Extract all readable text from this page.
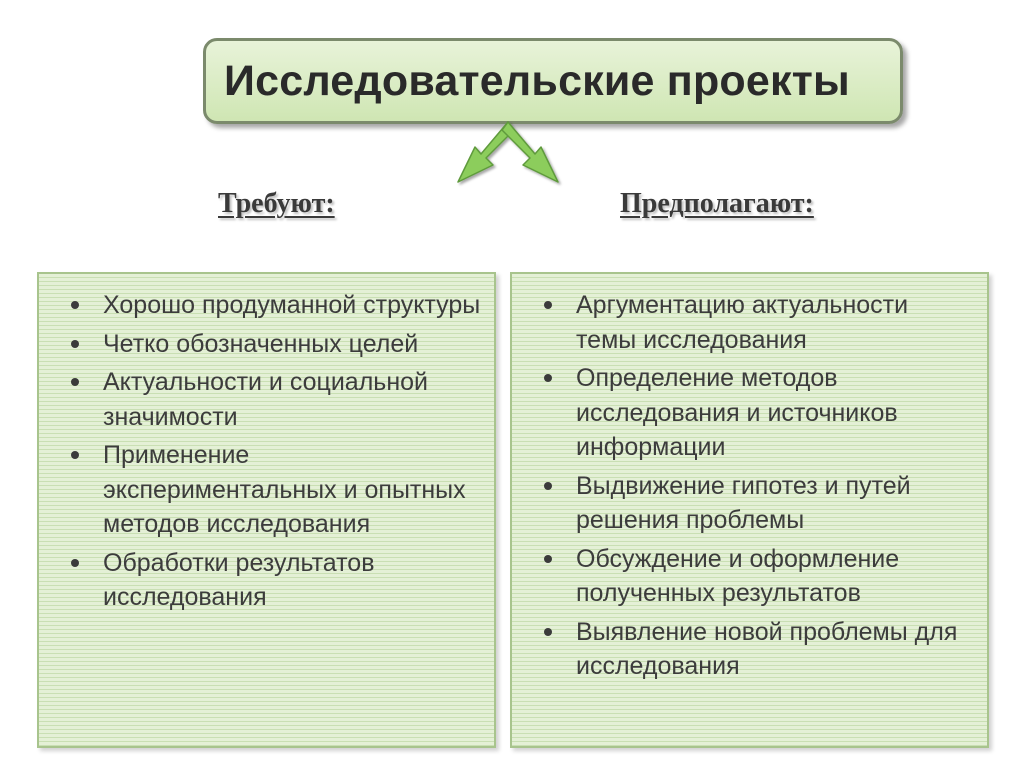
Исследовательские проекты
Требуют:	Предполагают:
Хорошо продуманной структуры
Четко обозначенных целей
Актуальности и социальной значимости
Применение экспериментальных и опытных методов исследования
Обработки результатов исследования
Аргументацию актуальности темы исследования
Определение методов исследования и источников информации
Выдвижение гипотез и путей решения проблемы
Обсуждение и оформление полученных результатов
Выявление новой проблемы для исследования
